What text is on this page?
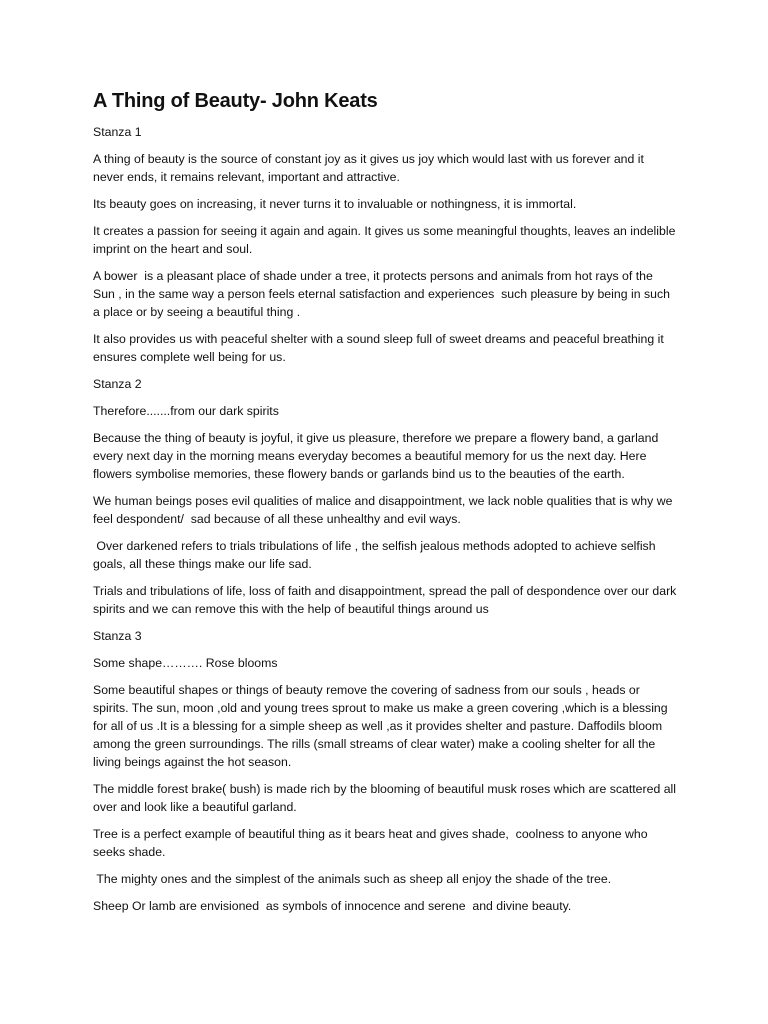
A Thing of Beauty- John Keats

Stanza 1

A thing of beauty is the source of constant joy as it gives us joy which would last with us forever and it never ends, it remains relevant, important and attractive.

Its beauty goes on increasing, it never turns it to invaluable or nothingness, it is immortal.

It creates a passion for seeing it again and again. It gives us some meaningful thoughts, leaves an indelible imprint on the heart and soul.

A bower  is a pleasant place of shade under a tree, it protects persons and animals from hot rays of the Sun , in the same way a person feels eternal satisfaction and experiences  such pleasure by being in such a place or by seeing a beautiful thing .

It also provides us with peaceful shelter with a sound sleep full of sweet dreams and peaceful breathing it ensures complete well being for us.

Stanza 2

Therefore.......from our dark spirits

Because the thing of beauty is joyful, it give us pleasure, therefore we prepare a flowery band, a garland every next day in the morning means everyday becomes a beautiful memory for us the next day. Here flowers symbolise memories, these flowery bands or garlands bind us to the beauties of the earth.

We human beings poses evil qualities of malice and disappointment, we lack noble qualities that is why we feel despondent/  sad because of all these unhealthy and evil ways.

Over darkened refers to trials tribulations of life , the selfish jealous methods adopted to achieve selfish goals, all these things make our life sad.

Trials and tribulations of life, loss of faith and disappointment, spread the pall of despondence over our dark spirits and we can remove this with the help of beautiful things around us

Stanza 3

Some shape………. Rose blooms

Some beautiful shapes or things of beauty remove the covering of sadness from our souls , heads or spirits. The sun, moon ,old and young trees sprout to make us make a green covering ,which is a blessing for all of us .It is a blessing for a simple sheep as well ,as it provides shelter and pasture. Daffodils bloom among the green surroundings. The rills (small streams of clear water) make a cooling shelter for all the living beings against the hot season.

The middle forest brake( bush) is made rich by the blooming of beautiful musk roses which are scattered all over and look like a beautiful garland.

Tree is a perfect example of beautiful thing as it bears heat and gives shade,  coolness to anyone who seeks shade.

The mighty ones and the simplest of the animals such as sheep all enjoy the shade of the tree.

Sheep Or lamb are envisioned  as symbols of innocence and serene  and divine beauty.
